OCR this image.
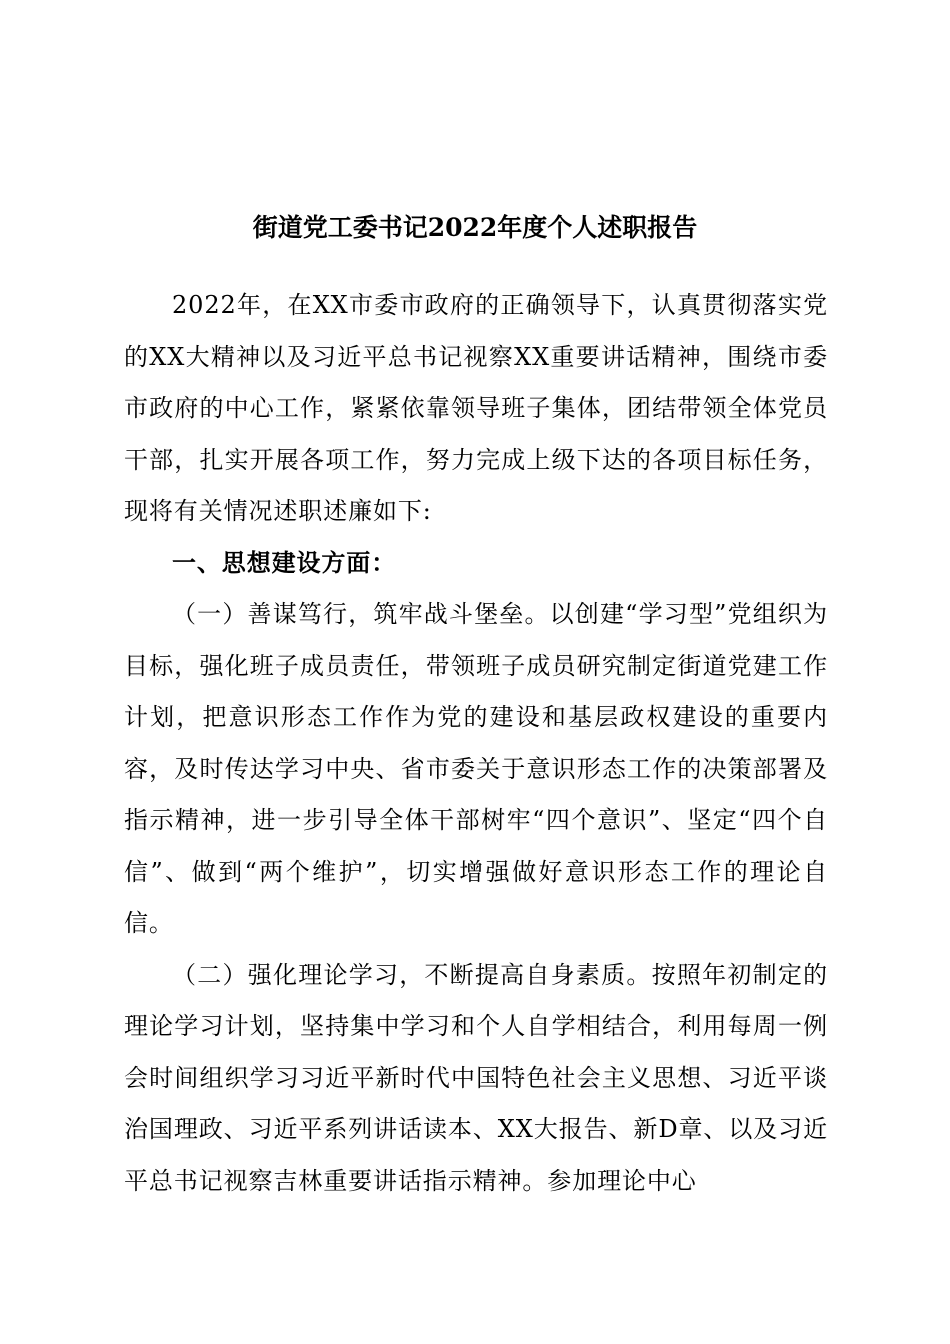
街道党工委书记2022年度个人述职报告

2022年，在XX市委市政府的正确领导下，认真贯彻落实党的XX大精神以及习近平总书记视察XX重要讲话精神，围绕市委市政府的中心工作，紧紧依靠领导班子集体，团结带领全体党员干部，扎实开展各项工作，努力完成上级下达的各项目标任务，现将有关情况述职述廉如下:

一、思想建设方面：

（一）善谋笃行，筑牢战斗堡垒。以创建“学习型”党组织为目标，强化班子成员责任，带领班子成员研究制定街道党建工作计划，把意识形态工作作为党的建设和基层政权建设的重要内容，及时传达学习中央、省市委关于意识形态工作的决策部署及指示精神，进一步引导全体干部树牢“四个意识”、坚定“四个自信”、做到“两个维护”，切实增强做好意识形态工作的理论自信。

（二）强化理论学习，不断提高自身素质。按照年初制定的理论学习计划，坚持集中学习和个人自学相结合，利用每周一例会时间组织学习习近平新时代中国特色社会主义思想、习近平谈治国理政、习近平系列讲话读本、XX大报告、新D章、以及习近平总书记视察吉林重要讲话指示精神。参加理论中心
